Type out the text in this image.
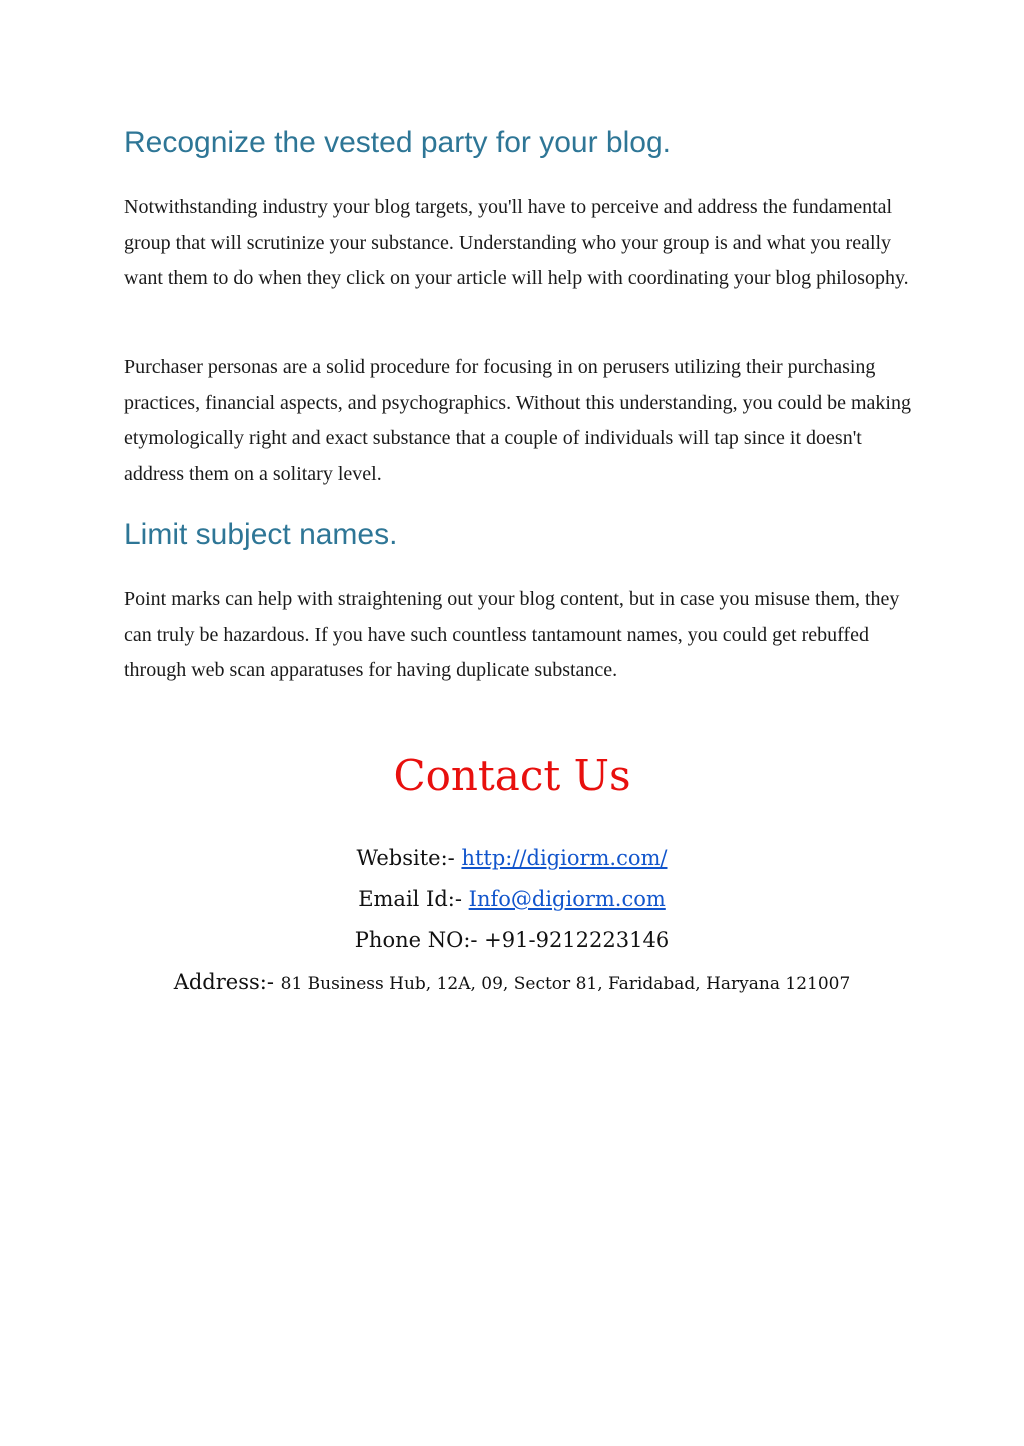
Recognize the vested party for your blog.

Notwithstanding industry your blog targets, you'll have to perceive and address the fundamental group that will scrutinize your substance. Understanding who your group is and what you really want them to do when they click on your article will help with coordinating your blog philosophy.

Purchaser personas are a solid procedure for focusing in on perusers utilizing their purchasing practices, financial aspects, and psychographics. Without this understanding, you could be making etymologically right and exact substance that a couple of individuals will tap since it doesn't address them on a solitary level.

Limit subject names.

Point marks can help with straightening out your blog content, but in case you misuse them, they can truly be hazardous. If you have such countless tantamount names, you could get rebuffed through web scan apparatuses for having duplicate substance.

Contact Us
Website:- http://digiorm.com/
Email Id:- Info@digiorm.com
Phone NO:- +91-9212223146
Address:- 81 Business Hub, 12A, 09, Sector 81, Faridabad, Haryana 121007
